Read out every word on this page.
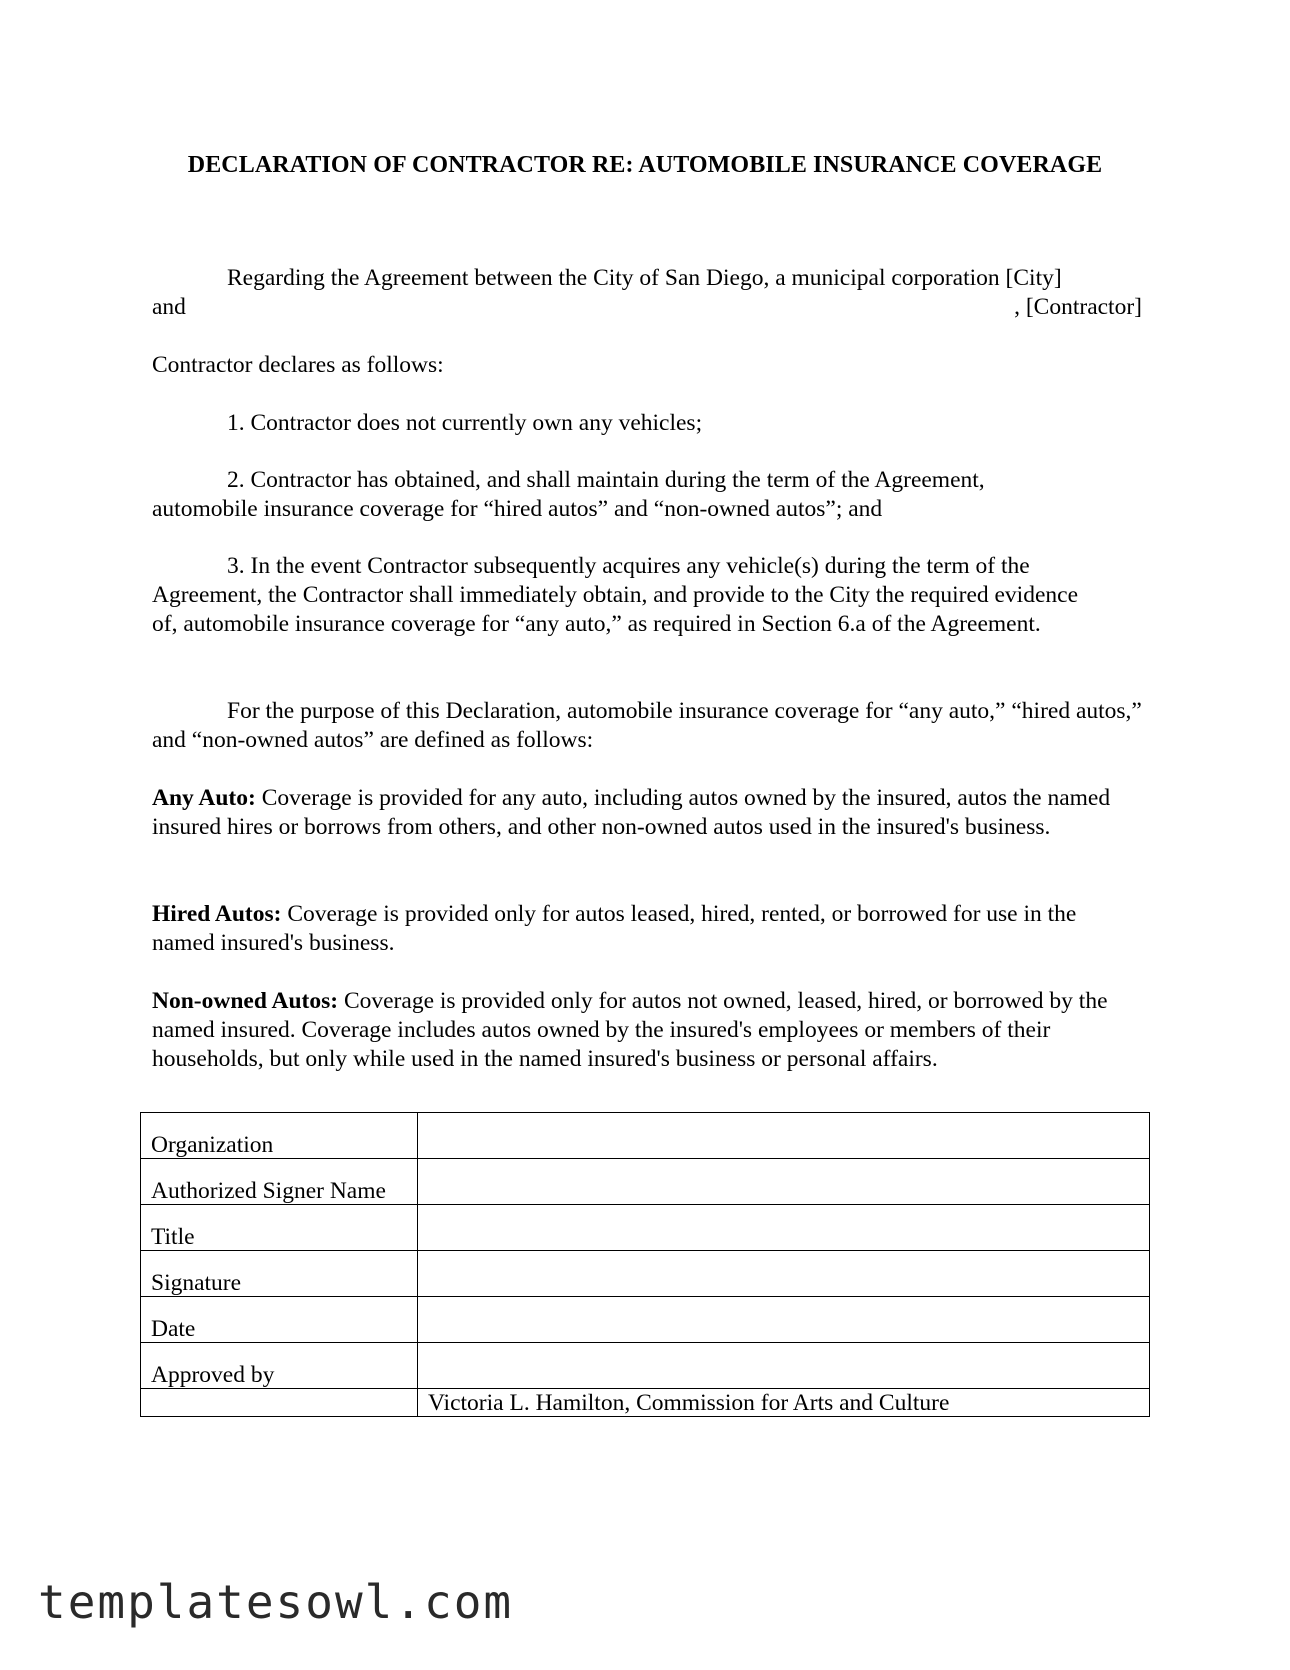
DECLARATION OF CONTRACTOR RE: AUTOMOBILE INSURANCE COVERAGE
Regarding the Agreement between the City of San Diego, a municipal corporation [City]
and	, [Contractor]
Contractor declares as follows:
1. Contractor does not currently own any vehicles;
2. Contractor has obtained, and shall maintain during the term of the Agreement, automobile insurance coverage for “hired autos” and “non-owned autos”; and
3. In the event Contractor subsequently acquires any vehicle(s) during the term of the Agreement, the Contractor shall immediately obtain, and provide to the City the required evidence of, automobile insurance coverage for “any auto,” as required in Section 6.a of the Agreement.
For the purpose of this Declaration, automobile insurance coverage for “any auto,” “hired autos,” and “non-owned autos” are defined as follows:
Any Auto: Coverage is provided for any auto, including autos owned by the insured, autos the named insured hires or borrows from others, and other non-owned autos used in the insured's business.
Hired Autos: Coverage is provided only for autos leased, hired, rented, or borrowed for use in the named insured's business.
Non-owned Autos: Coverage is provided only for autos not owned, leased, hired, or borrowed by the named insured. Coverage includes autos owned by the insured's employees or members of their households, but only while used in the named insured's business or personal affairs.
Organization	
Authorized Signer Name	
Title	
Signature	
Date	
Approved by	
	Victoria L. Hamilton, Commission for Arts and Culture
templatesowl.com
